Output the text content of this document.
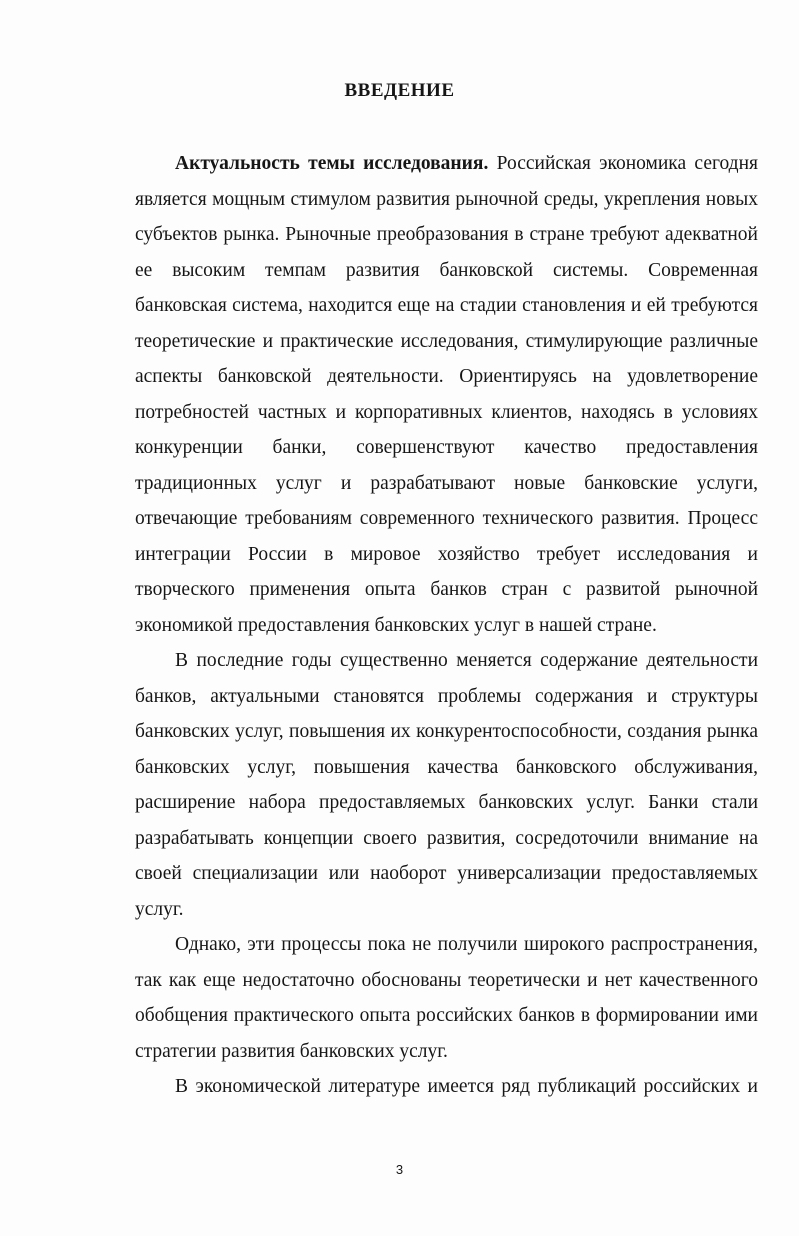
ВВЕДЕНИЕ

Актуальность темы исследования. Российская экономика сегодня является мощным стимулом развития рыночной среды, укрепления новых субъектов рынка. Рыночные преобразования в стране требуют адекватной ее высоким темпам развития банковской системы. Современная банковская система, находится еще на стадии становления и ей требуются теоретические и практические исследования, стимулирующие различные аспекты банковской деятельности. Ориентируясь на удовлетворение потребностей частных и корпоративных клиентов, находясь в условиях конкуренции банки, совершенствуют качество предоставления традиционных услуг и разрабатывают новые банковские услуги, отвечающие требованиям современного технического развития. Процесс интеграции России в мировое хозяйство требует исследования и творческого применения опыта банков стран с развитой рыночной экономикой предоставления банковских услуг в нашей стране.

В последние годы существенно меняется содержание деятельности банков, актуальными становятся проблемы содержания и структуры банковских услуг, повышения их конкурентоспособности, создания рынка банковских услуг, повышения качества банковского обслуживания, расширение набора предоставляемых банковских услуг. Банки стали разрабатывать концепции своего развития, сосредоточили внимание на своей специализации или наоборот универсализации предоставляемых услуг.

Однако, эти процессы пока не получили широкого распространения, так как еще недостаточно обоснованы теоретически и нет качественного обобщения практического опыта российских банков в формировании ими стратегии развития банковских услуг.

В экономической литературе имеется ряд публикаций российских и

3
